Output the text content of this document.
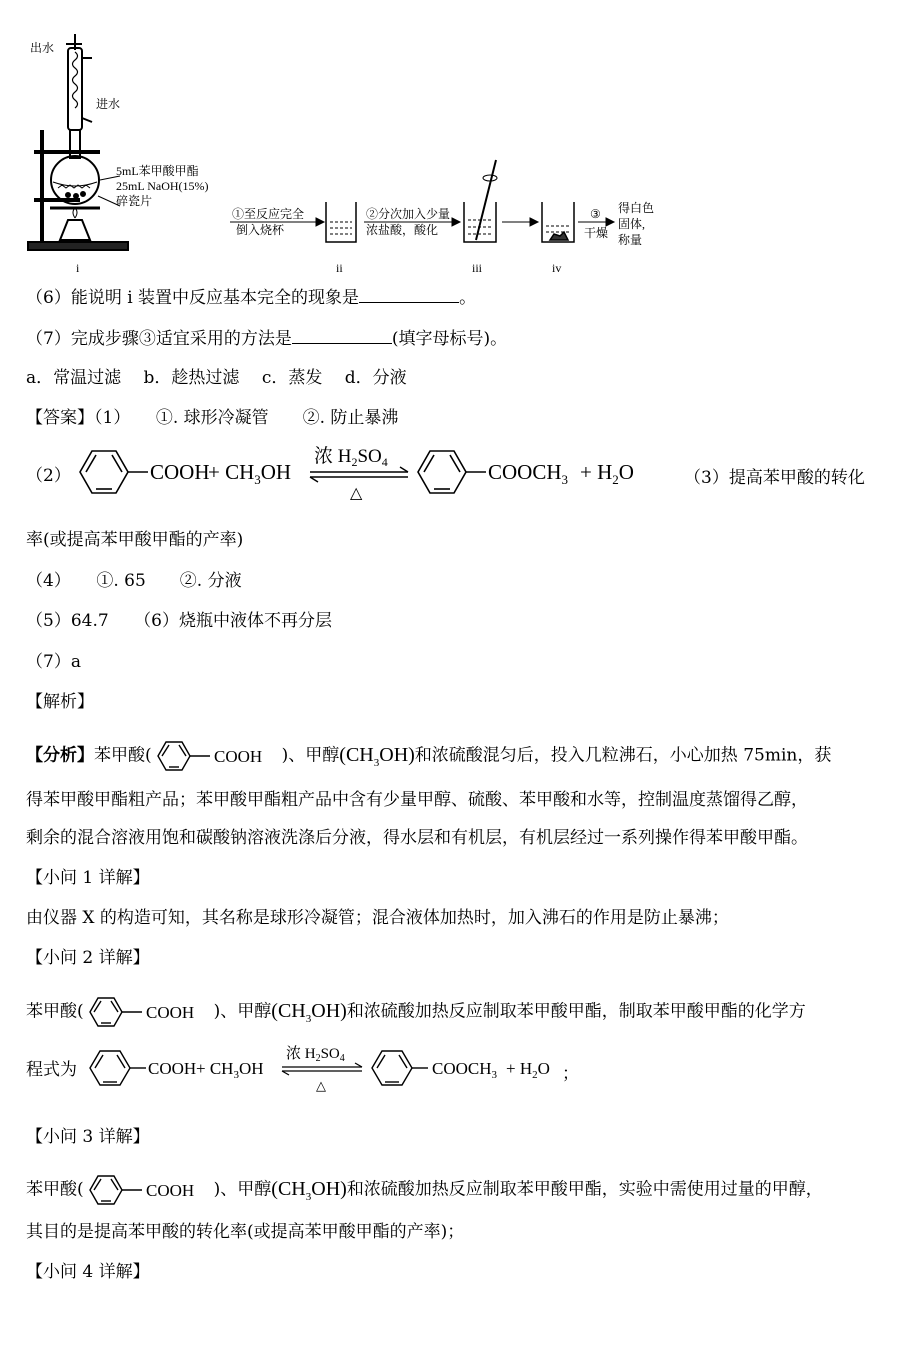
出水
进水
5mL苯甲酸甲酯
25mL NaOH(15%)
碎瓷片
i
①至反应完全
倒入烧杯
ii
②分次加入少量
浓盐酸，酸化
iii	iv
③
干燥
得白色
固体,
称量
（6）能说明 i 装置中反应基本完全的现象是	。
（7）完成步骤③适宜采用的方法是	(填字母标号)。
a．常温过滤　 b．趁热过滤　 c．蒸发　 d．分液
【答案】（1）　　①. 球形冷凝管　　②. 防止暴沸
（2）	COOH
+ $CH_3OH$
浓 $H_2SO_4$
△
$COOCH_3 + H_2O$	（3）提高苯甲酸的转化
率(或提高苯甲酸甲酯的产率)
（4）　　①. 65　　②. 分液
（5）64.7　　（6）烧瓶中液体不再分层
（7）a
【解析】
【分析】苯甲酸(	COOH )、甲醇$(CH_3OH)$和浓硫酸混匀后，投入几粒沸石，小心加热 75min，获
得苯甲酸甲酯粗产品；苯甲酸甲酯粗产品中含有少量甲醇、硫酸、苯甲酸和水等，控制温度蒸馏得乙醇，
剩余的混合溶液用饱和碳酸钠溶液洗涤后分液，得水层和有机层，有机层经过一系列操作得苯甲酸甲酯。
【小问 1 详解】
由仪器 X 的构造可知，其名称是球形冷凝管；混合液体加热时，加入沸石的作用是防止暴沸；
【小问 2 详解】
苯甲酸(	COOH )、甲醇$(CH_3OH)$和浓硫酸加热反应制取苯甲酸甲酯，制取苯甲酸甲酯的化学方
程式为	COOH + $CH_3OH$
浓 $H_2SO_4$
△
$COOCH_3 + H_2O$ ；
【小问 3 详解】
苯甲酸(	COOH )、甲醇$(CH_3OH)$和浓硫酸加热反应制取苯甲酸甲酯，实验中需使用过量的甲醇，
其目的是提高苯甲酸的转化率(或提高苯甲酸甲酯的产率)；
【小问 4 详解】
